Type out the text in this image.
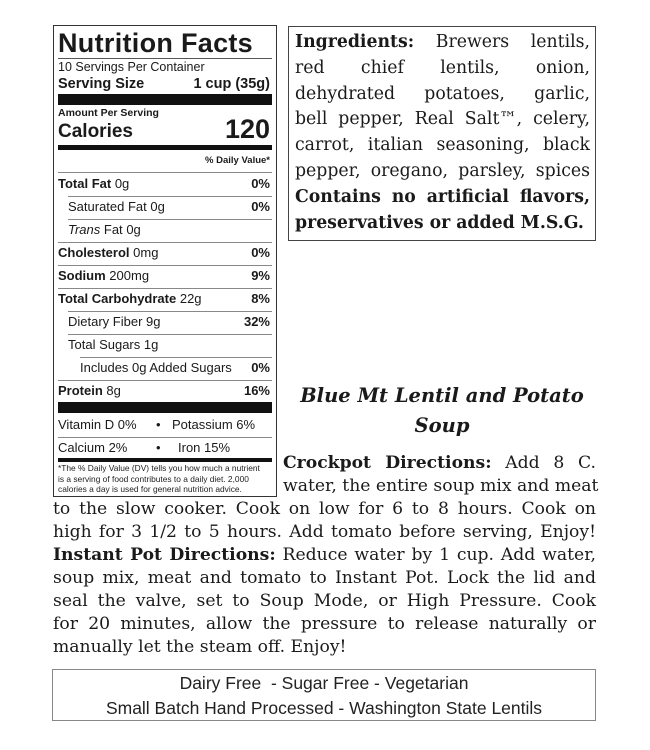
Nutrition Facts
10 Servings Per Container
Serving Size	1 cup (35g)
Amount Per Serving
Calories	120
% Daily Value*
Total Fat 0g	0%
Saturated Fat 0g	0%
Trans Fat 0g
Cholesterol 0mg	0%
Sodium 200mg	9%
Total Carbohydrate 22g	8%
Dietary Fiber 9g	32%
Total Sugars 1g
Includes 0g Added Sugars 0%
Protein 8g	16%
Vitamin D 0% • Potassium 6%
Calcium 2% • Iron 15%
*The % Daily Value (DV) tells you how much a nutrient
is a serving of food contributes to a daily diet. 2,000
calories a day is used for general nutrition advice.

Ingredients: Brewers lentils,
red chief lentils, onion,
dehydrated potatoes, garlic,
bell pepper, Real Salt™, celery,
carrot, italian seasoning, black
pepper, oregano, parsley, spices
Contains no artificial flavors,
preservatives or added M.S.G.

Blue Mt Lentil and Potato
Soup
Crockpot Directions: Add 8 C.
water, the entire soup mix and meat
to the slow cooker. Cook on low for 6 to 8 hours. Cook on
high for 3 1/2 to 5 hours. Add tomato before serving, Enjoy!
Instant Pot Directions: Reduce water by 1 cup. Add water,
soup mix, meat and tomato to Instant Pot. Lock the lid and
seal the valve, set to Soup Mode, or High Pressure. Cook
for 20 minutes, allow the pressure to release naturally or
manually let the steam off. Enjoy!
Dairy Free  - Sugar Free - Vegetarian
Small Batch Hand Processed - Washington State Lentils
